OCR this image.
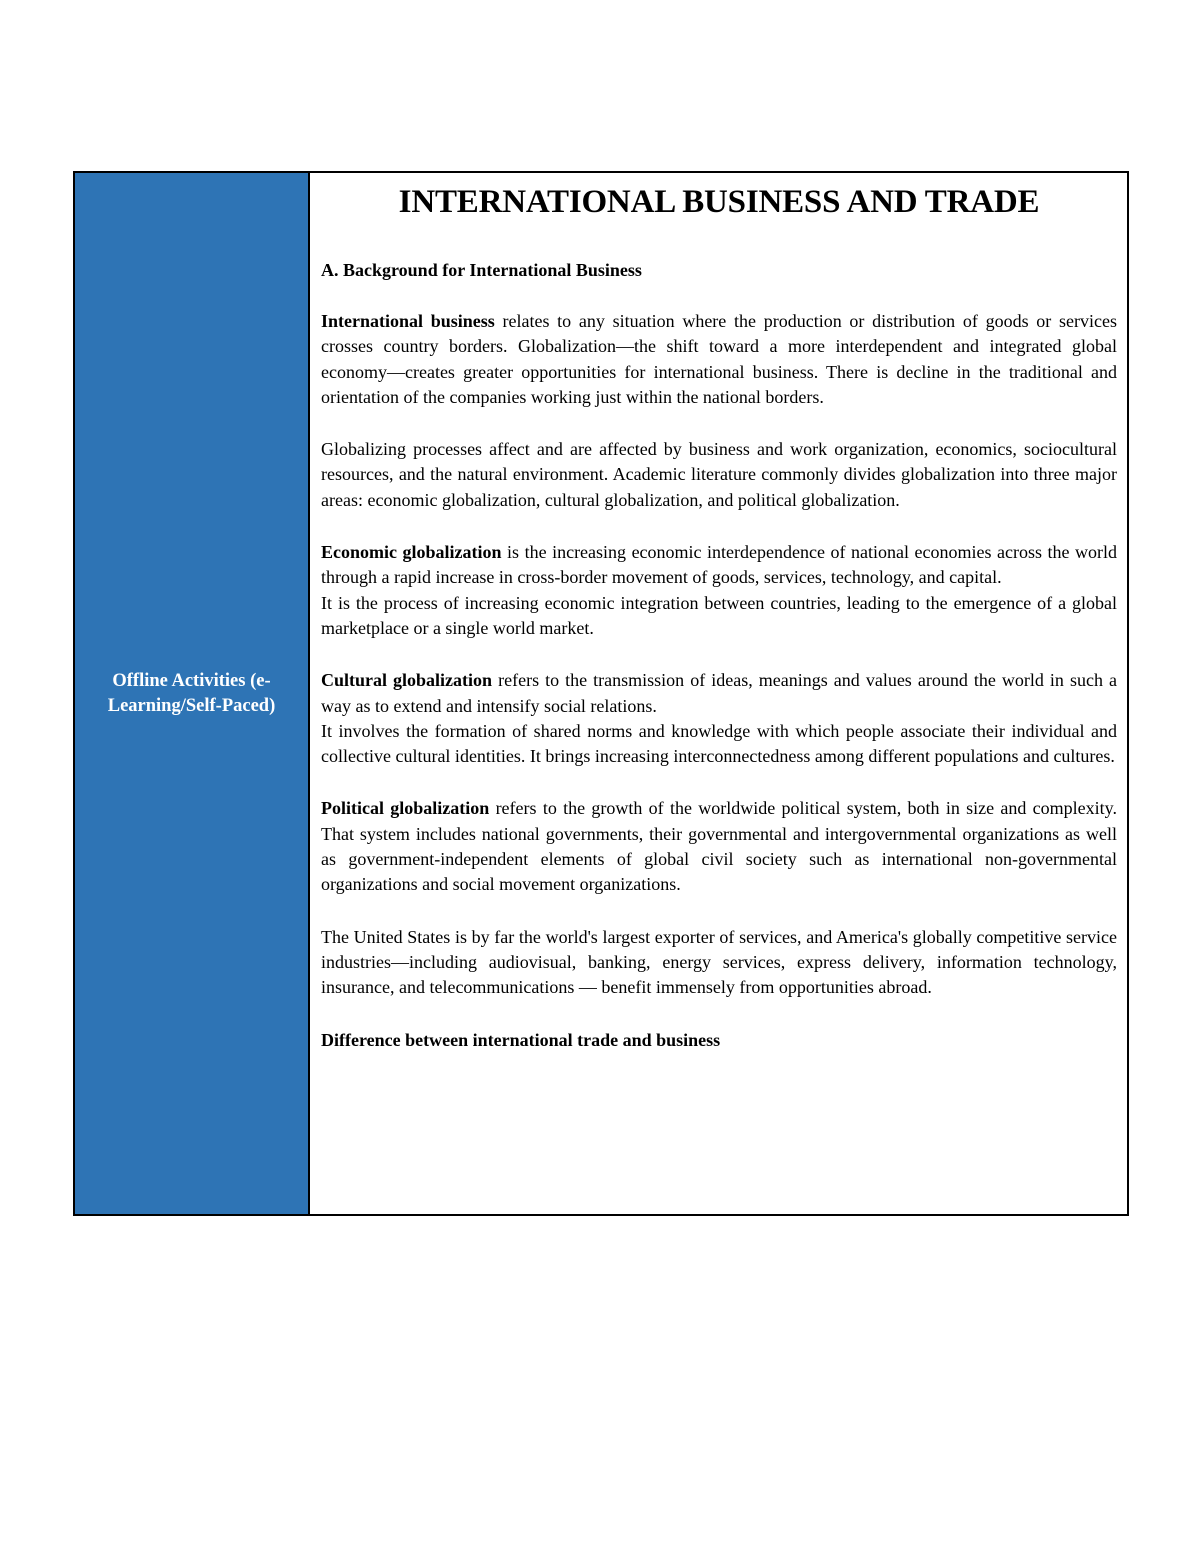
Offline Activities (e-Learning/Self-Paced)
INTERNATIONAL BUSINESS AND TRADE
A. Background for International Business

International business relates to any situation where the production or distribution of goods or services crosses country borders. Globalization—the shift toward a more interdependent and integrated global economy—creates greater opportunities for international business. There is decline in the traditional and orientation of the companies working just within the national borders.

Globalizing processes affect and are affected by business and work organization, economics, sociocultural resources, and the natural environment. Academic literature commonly divides globalization into three major areas: economic globalization, cultural globalization, and political globalization.

Economic globalization is the increasing economic interdependence of national economies across the world through a rapid increase in cross-border movement of goods, services, technology, and capital.

It is the process of increasing economic integration between countries, leading to the emergence of a global marketplace or a single world market.

Cultural globalization refers to the transmission of ideas, meanings and values around the world in such a way as to extend and intensify social relations.

It involves the formation of shared norms and knowledge with which people associate their individual and collective cultural identities. It brings increasing interconnectedness among different populations and cultures.

Political globalization refers to the growth of the worldwide political system, both in size and complexity. That system includes national governments, their governmental and intergovernmental organizations as well as government-independent elements of global civil society such as international non-governmental organizations and social movement organizations.

The United States is by far the world's largest exporter of services, and America's globally competitive service industries—including audiovisual, banking, energy services, express delivery, information technology, insurance, and telecommunications — benefit immensely from opportunities abroad.

Difference between international trade and business
